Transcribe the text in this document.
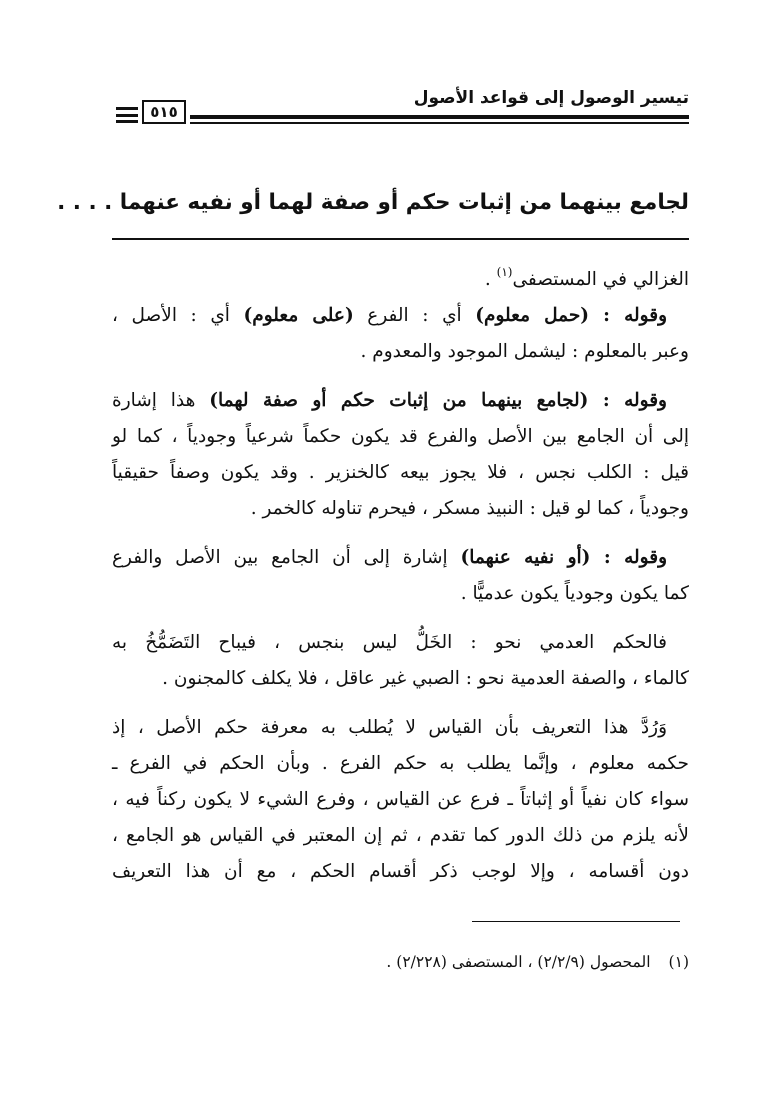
تيسير الوصول إلى قواعد الأصول
٥١٥
لجامع بينهما من إثبات حكم أو صفة لهما أو نفيه عنهما . . . .
الغزالي في المستصفى$^{(١)}$ .
وقوله : (حمل معلوم) أي : الفرع (على معلوم) أي : الأصل ،
وعبر بالمعلوم : ليشمل الموجود والمعدوم .
وقوله : (لجامع بينهما من إثبات حكم أو صفة لهما) هذا إشارة
إلى أن الجامع بين الأصل والفرع قد يكون حكماً شرعياً وجودياً ، كما لو
قيل : الكلب نجس ، فلا يجوز بيعه كالخنزير . وقد يكون وصفاً حقيقياً
وجودياً ، كما لو قيل : النبيذ مسكر ، فيحرم تناوله كالخمر .
وقوله : (أو نفيه عنهما) إشارة إلى أن الجامع بين الأصل والفرع
كما يكون وجودياً يكون عدميًّا .
فالحكم العدمي نحو : الخَلُّ ليس بنجس ، فيباح التَضَمُّخُ به
كالماء ، والصفة العدمية نحو : الصبي غير عاقل ، فلا يكلف كالمجنون .
وَرُدَّ هذا التعريف بأن القياس لا يُطلب به معرفة حكم الأصل ، إذ
حكمه معلوم ، وإنَّما يطلب به حكم الفرع . وبأن الحكم في الفرع ـ
سواء كان نفياً أو إثباتاً ـ فرع عن القياس ، وفرع الشيء لا يكون ركناً فيه ،
لأنه يلزم من ذلك الدور كما تقدم ، ثم إن المعتبر في القياس هو الجامع ،
دون أقسامه ، وإلا لوجب ذكر أقسام الحكم ، مع أن هذا التعريف
(١)المحصول (٢/٢/٩) ، المستصفى (٢/٢٢٨) .
